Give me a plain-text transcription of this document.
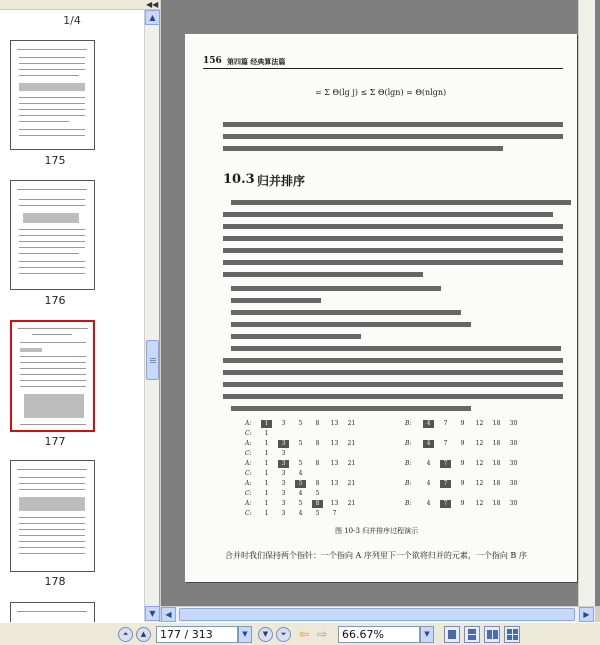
◀◀
1/4
175
176
177
178
▲
▼
156 第四篇 经典算法篇
= Σ Θ(lg j) ≤ Σ Θ(lgn) = Θ(nlgn)
10.3 归并排序
图 10-3 归并排序过程演示
合并时我们保持两个指针：一个指向 A 序列里下一个欲将归并的元素，一个指向 B 序
A:	1	3	5	8	13 21	B:	4	7	9	12 18 30
C:	1
A:	1	3	5	8	13 21	B:	4	7	9	12 18 30
C:	1	3
A:	1	3	5	8	13 21	B:	4	7	9	12 18 30
C:	1	3	4
A:	1	3	5	8	13 21	B:	4	7	9	12 18 30
C:	1	3	4	5
A:	1	3	5	8	13 21	B:	4	7	9	12 18 30
C:	1	3	4	5	7
◀	▶
⏶	▲	177 / 313	▼	▼	⏷	⇦ ⇨	66.67%	▼
